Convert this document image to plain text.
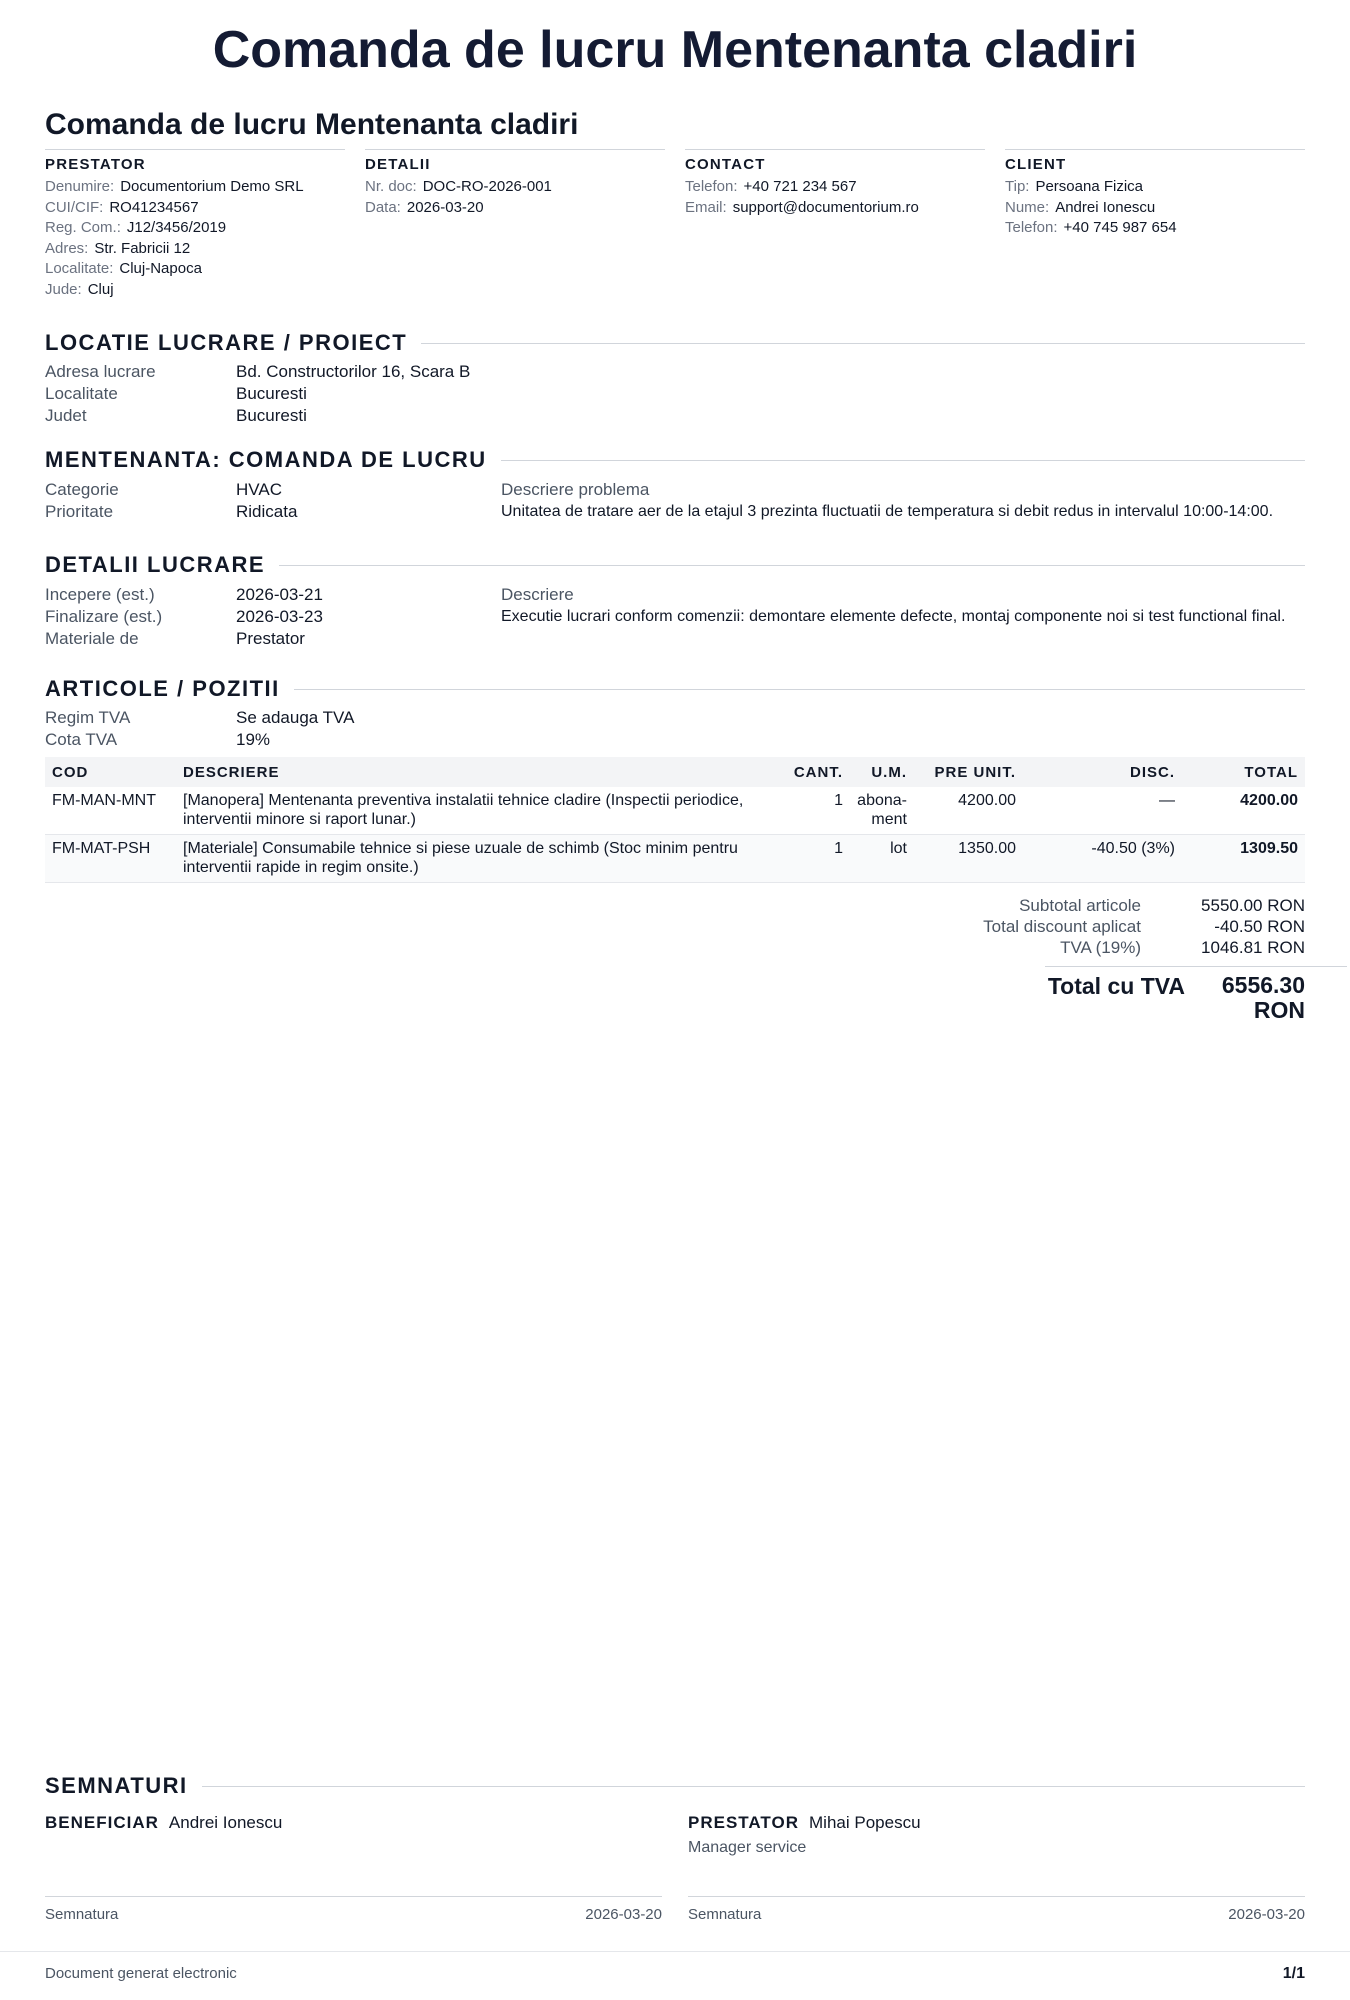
Comanda de lucru Mentenanta cladiri
Comanda de lucru Mentenanta cladiri
PRESTATOR
Denumire: Documentorium Demo SRL
CUI/CIF: RO41234567
Reg. Com.: J12/3456/2019
Adres: Str. Fabricii 12
Localitate: Cluj-Napoca
Jude: Cluj
DETALII
Nr. doc: DOC-RO-2026-001
Data: 2026-03-20
CONTACT
Telefon: +40 721 234 567
Email: support@documentorium.ro
CLIENT
Tip: Persoana Fizica
Nume: Andrei Ionescu
Telefon: +40 745 987 654
LOCATIE LUCRARE / PROIECT
Adresa lucrare	Bd. Constructorilor 16, Scara B
Localitate	Bucuresti
Judet	Bucuresti
MENTENANTA: COMANDA DE LUCRU
Categorie	HVAC
Prioritate	Ridicata
Descriere problema
Unitatea de tratare aer de la etajul 3 prezinta fluctuatii de temperatura si debit redus in intervalul 10:00-14:00.
DETALII LUCRARE
Incepere (est.)	2026-03-21
Finalizare (est.)	2026-03-23
Materiale de	Prestator
Descriere
Executie lucrari conform comenzii: demontare elemente defecte, montaj componente noi si test functional final.
ARTICOLE / POZITII
Regim TVA	Se adauga TVA
Cota TVA	19%
COD	DESCRIERE	CANT.	U.M.	PRE UNIT.	DISC.	TOTAL
FM-MAN-MNT	[Manopera] Mentenanta preventiva instalatii tehnice cladire (Inspectii periodice, interventii minore si raport lunar.)	1	abona-ment	4200.00	—	4200.00
FM-MAT-PSH	[Materiale] Consumabile tehnice si piese uzuale de schimb (Stoc minim pentru interventii rapide in regim onsite.)	1	lot	1350.00	-40.50 (3%)	1309.50
Subtotal articole	5550.00 RON
Total discount aplicat	-40.50 RON
TVA (19%)	1046.81 RON
Total cu TVA	6556.30 RON
SEMNATURI
BENEFICIAR Andrei Ionescu
Semnatura	2026-03-20
PRESTATOR Mihai Popescu
Manager service
Semnatura	2026-03-20
Document generat electronic	1/1
